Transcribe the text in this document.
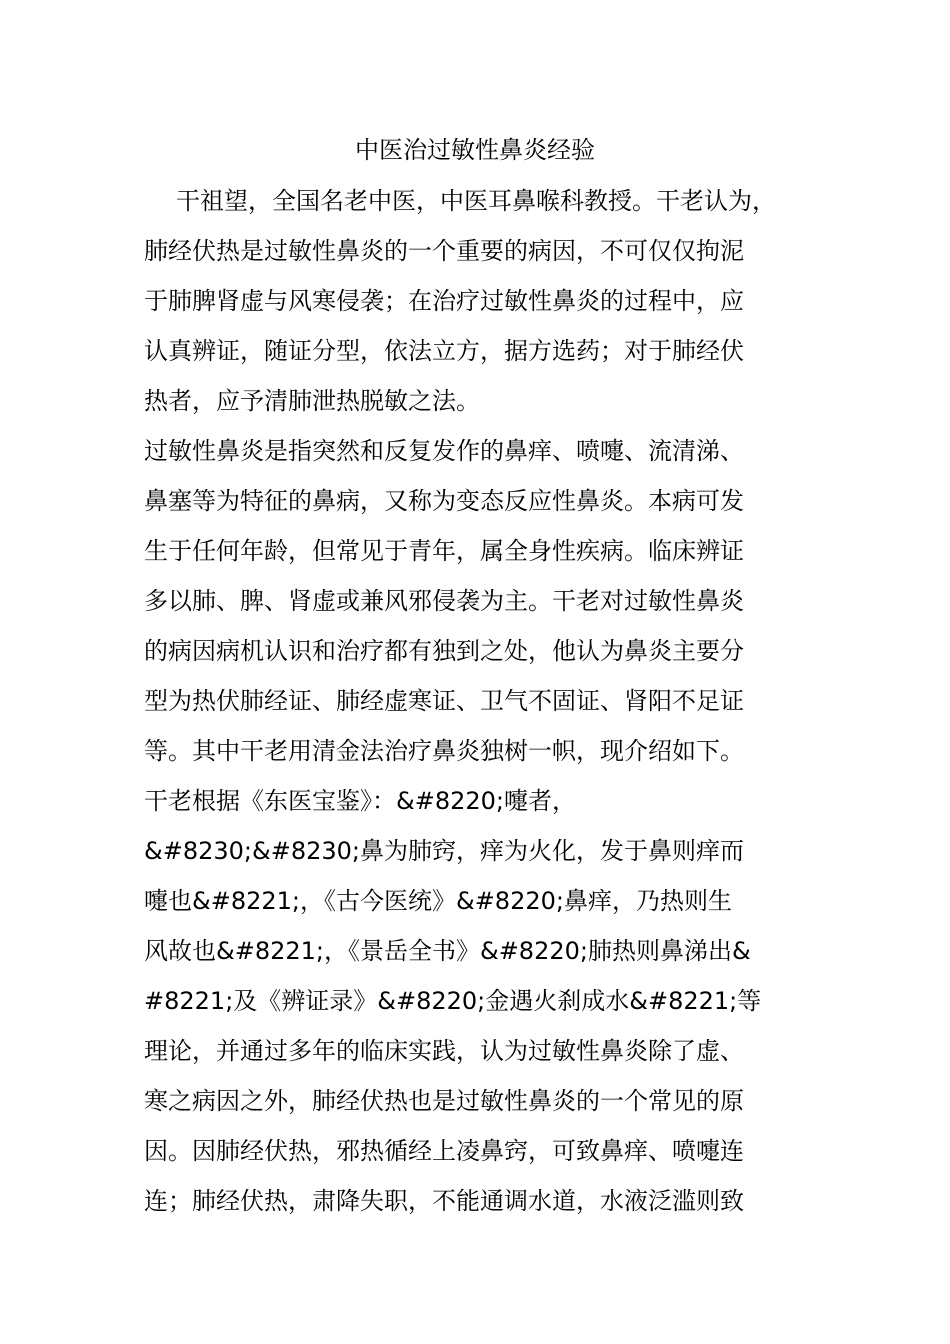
中医治过敏性鼻炎经验
干祖望，全国名老中医，中医耳鼻喉科教授。干老认为，
肺经伏热是过敏性鼻炎的一个重要的病因，不可仅仅拘泥
于肺脾肾虚与风寒侵袭；在治疗过敏性鼻炎的过程中，应
认真辨证，随证分型，依法立方，据方选药；对于肺经伏
热者，应予清肺泄热脱敏之法。
过敏性鼻炎是指突然和反复发作的鼻痒、喷嚏、流清涕、
鼻塞等为特征的鼻病，又称为变态反应性鼻炎。本病可发
生于任何年龄，但常见于青年，属全身性疾病。临床辨证
多以肺、脾、肾虚或兼风邪侵袭为主。干老对过敏性鼻炎
的病因病机认识和治疗都有独到之处，他认为鼻炎主要分
型为热伏肺经证、肺经虚寒证、卫气不固证、肾阳不足证
等。其中干老用清金法治疗鼻炎独树一帜，现介绍如下。
干老根据《东医宝鉴》：&#8220;嚏者，
&#8230;&#8230;鼻为肺窍，痒为火化，发于鼻则痒而
嚏也&#8221;，《古今医统》&#8220;鼻痒，乃热则生
风故也&#8221;，《景岳全书》&#8220;肺热则鼻涕出&
#8221;及《辨证录》&#8220;金遇火刹成水&#8221;等
理论，并通过多年的临床实践，认为过敏性鼻炎除了虚、
寒之病因之外，肺经伏热也是过敏性鼻炎的一个常见的原
因。因肺经伏热，邪热循经上凌鼻窍，可致鼻痒、喷嚏连
连；肺经伏热，肃降失职，不能通调水道，水液泛滥则致
